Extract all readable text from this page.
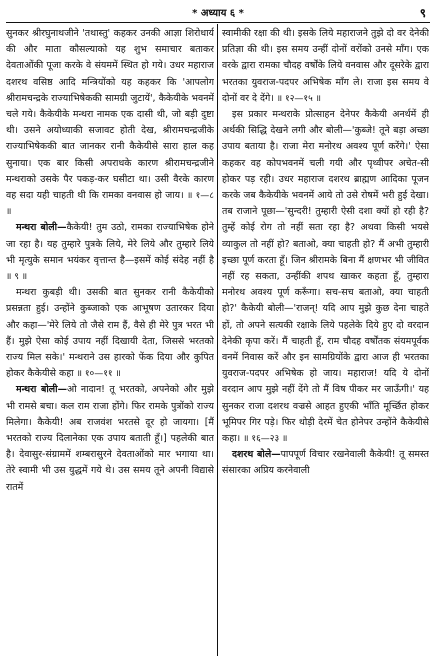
* अध्याय ६ *	९

सुनकर श्रीरघुनाथजीने 'तथास्तु' कहकर उनकी आज्ञा शिरोधार्य की और माता कौसल्याको यह शुभ समाचार बताकर देवताओंकी पूजा करके वे संयममें स्थित हो गये। उधर महाराज दशरथ वसिष्ठ आदि मन्त्रियोंको यह कहकर कि 'आपलोग श्रीरामचन्द्रके राज्याभिषेककी सामग्री जुटायें', कैकेयीके भवनमें चले गये। कैकेयीके मन्थरा नामक एक दासी थी, जो बड़ी दुष्टा थी। उसने अयोध्याकी सजावट होती देख, श्रीरामचन्द्रजीके राज्याभिषेककी बात जानकर रानी कैकेयीसे सारा हाल कह सुनाया। एक बार किसी अपराधके कारण श्रीरामचन्द्रजीने मन्थराको उसके पैर पकड़-कर घसीटा था। उसी वैरके कारण वह सदा यही चाहती थी कि रामका वनवास हो जाय। ॥ १—८ ॥

मन्थरा बोली—कैकेयी! तुम उठो, रामका राज्याभिषेक होने जा रहा है। यह तुम्हारे पुत्रके लिये, मेरे लिये और तुम्हारे लिये भी मृत्युके समान भयंकर वृत्तान्त है—इसमें कोई संदेह नहीं है ॥ ९ ॥

मन्थरा कुबड़ी थी। उसकी बात सुनकर रानी कैकेयीको प्रसन्नता हुई। उन्होंने कुब्जाको एक आभूषण उतारकर दिया और कहा—'मेरे लिये तो जैसे राम हैं, वैसे ही मेरे पुत्र भरत भी हैं। मुझे ऐसा कोई उपाय नहीं दिखायी देता, जिससे भरतको राज्य मिल सके।' मन्थराने उस हारको फेंक दिया और कुपित होकर कैकेयीसे कहा ॥ १०—११ ॥

मन्थरा बोली—ओ नादान! तू भरतको, अपनेको और मुझे भी रामसे बचा। कल राम राजा होंगे। फिर रामके पुत्रोंको राज्य मिलेगा। कैकेयी! अब राजवंश भरतसे दूर हो जायगा। [मैं भरतको राज्य दिलानेका एक उपाय बताती हूँ।] पहलेकी बात है। देवासुर-संग्राममें शम्बरासुरने देवताओंको मार भगाया था। तेरे स्वामी भी उस युद्धमें गये थे। उस समय तूने अपनी विद्यासे रातमें

स्वामीकी रक्षा की थी। इसके लिये महाराजने तुझे दो वर देनेकी प्रतिज्ञा की थी। इस समय उन्हीं दोनों वरोंको उनसे माँग। एक वरके द्वारा रामका चौदह वर्षोंके लिये वनवास और दूसरेके द्वारा भरतका युवराज-पदपर अभिषेक माँग ले। राजा इस समय वे दोनों वर दे देंगे। ॥ १२—१५ ॥

इस प्रकार मन्थराके प्रोत्साहन देनेपर कैकेयी अनर्थमें ही अर्थकी सिद्धि देखने लगी और बोली—'कुब्जे! तूने बड़ा अच्छा उपाय बताया है। राजा मेरा मनोरथ अवश्य पूर्ण करेंगे।' ऐसा कहकर वह कोपभवनमें चली गयी और पृथ्वीपर अचेत-सी होकर पड़ रही। उधर महाराज दशरथ ब्राह्मण आदिका पूजन करके जब कैकेयीके भवनमें आये तो उसे रोषमें भरी हुई देखा। तब राजाने पूछा—'सुन्दरी! तुम्हारी ऐसी दशा क्यों हो रही है? तुम्हें कोई रोग तो नहीं सता रहा है? अथवा किसी भयसे व्याकुल तो नहीं हो? बताओ, क्या चाहती हो? मैं अभी तुम्हारी इच्छा पूर्ण करता हूँ। जिन श्रीरामके बिना मैं क्षणभर भी जीवित नहीं रह सकता, उन्हींकी शपथ खाकर कहता हूँ, तुम्हारा मनोरथ अवश्य पूर्ण करूँगा। सच-सच बताओ, क्या चाहती हो?' कैकेयी बोली—'राजन्! यदि आप मुझे कुछ देना चाहते हों, तो अपने सत्यकी रक्षाके लिये पहलेके दिये हुए दो वरदान देनेकी कृपा करें। मैं चाहती हूँ, राम चौदह वर्षोंतक संयमपूर्वक वनमें निवास करें और इन सामग्रियोंके द्वारा आज ही भरतका युवराज-पदपर अभिषेक हो जाय। महाराज! यदि ये दोनों वरदान आप मुझे नहीं देंगे तो मैं विष पीकर मर जाऊँगी।' यह सुनकर राजा दशरथ वज्रसे आहत हुएकी भाँति मूर्च्छित होकर भूमिपर गिर पड़े। फिर थोड़ी देरमें चेत होनेपर उन्होंने कैकेयीसे कहा। ॥ १६—२३ ॥

दशरथ बोले—पापपूर्ण विचार रखनेवाली कैकेयी! तू समस्त संसारका अप्रिय करनेवाली
